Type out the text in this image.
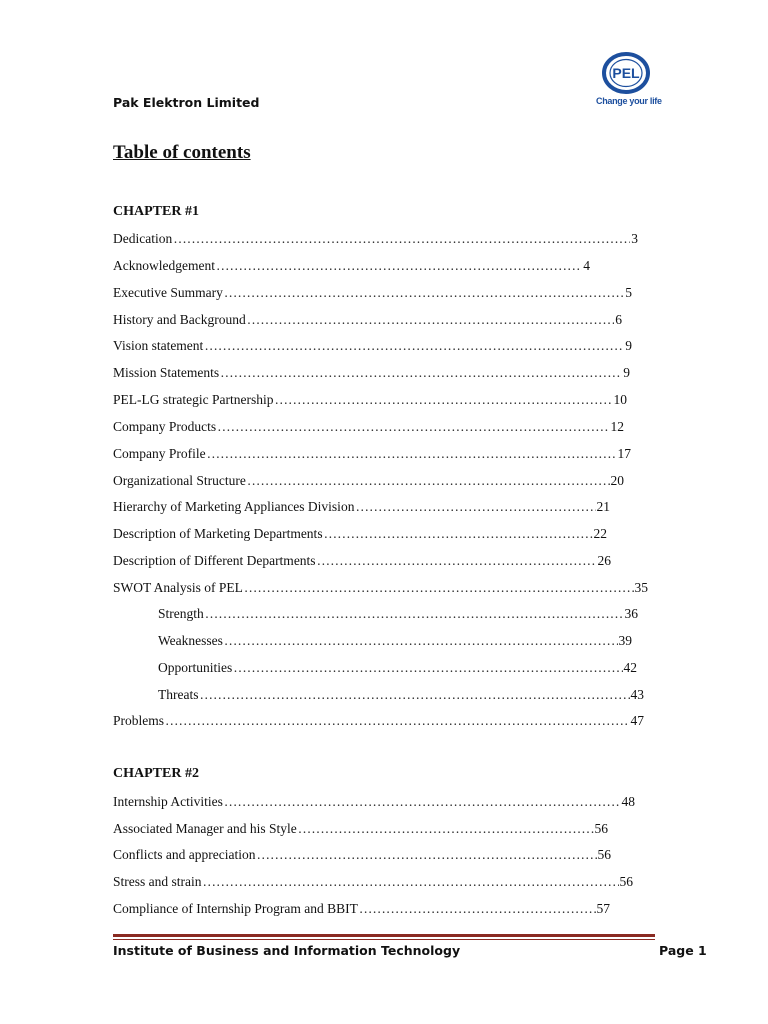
Pak Elektron Limited
PEL
Change your life
Table of contents
CHAPTER #1
Dedication ………………………………………………………………………………………………………………………………………………………………	3
Acknowledgement ………………………………………………………………………………………………………………………………………………………………	4
Executive Summary ………………………………………………………………………………………………………………………………………………………………	5
History and Background ………………………………………………………………………………………………………………………………………………………………	6
Vision statement ………………………………………………………………………………………………………………………………………………………………	9
Mission Statements ………………………………………………………………………………………………………………………………………………………………	9
PEL-LG strategic Partnership ………………………………………………………………………………………………………………………………………………………………	10
Company Products ………………………………………………………………………………………………………………………………………………………………	12
Company Profile ………………………………………………………………………………………………………………………………………………………………	17
Organizational Structure ………………………………………………………………………………………………………………………………………………………………	20
Hierarchy of Marketing Appliances Division ………………………………………………………………………………………………………………………………………………………………	21
Description of Marketing Departments ………………………………………………………………………………………………………………………………………………………………	22
Description of Different Departments ………………………………………………………………………………………………………………………………………………………………	26
SWOT Analysis of PEL ………………………………………………………………………………………………………………………………………………………………	35
Strength ………………………………………………………………………………………………………………………………………………………………	36
Weaknesses ………………………………………………………………………………………………………………………………………………………………	39
Opportunities ………………………………………………………………………………………………………………………………………………………………	42
Threats ………………………………………………………………………………………………………………………………………………………………	43
Problems ………………………………………………………………………………………………………………………………………………………………	47
CHAPTER #2
Internship Activities ………………………………………………………………………………………………………………………………………………………………	48
Associated Manager and his Style ………………………………………………………………………………………………………………………………………………………………	56
Conflicts and appreciation ………………………………………………………………………………………………………………………………………………………………	56
Stress and strain ………………………………………………………………………………………………………………………………………………………………	56
Compliance of Internship Program and BBIT ………………………………………………………………………………………………………………………………………………………………	57
Institute of Business and Information Technology	Page 1
